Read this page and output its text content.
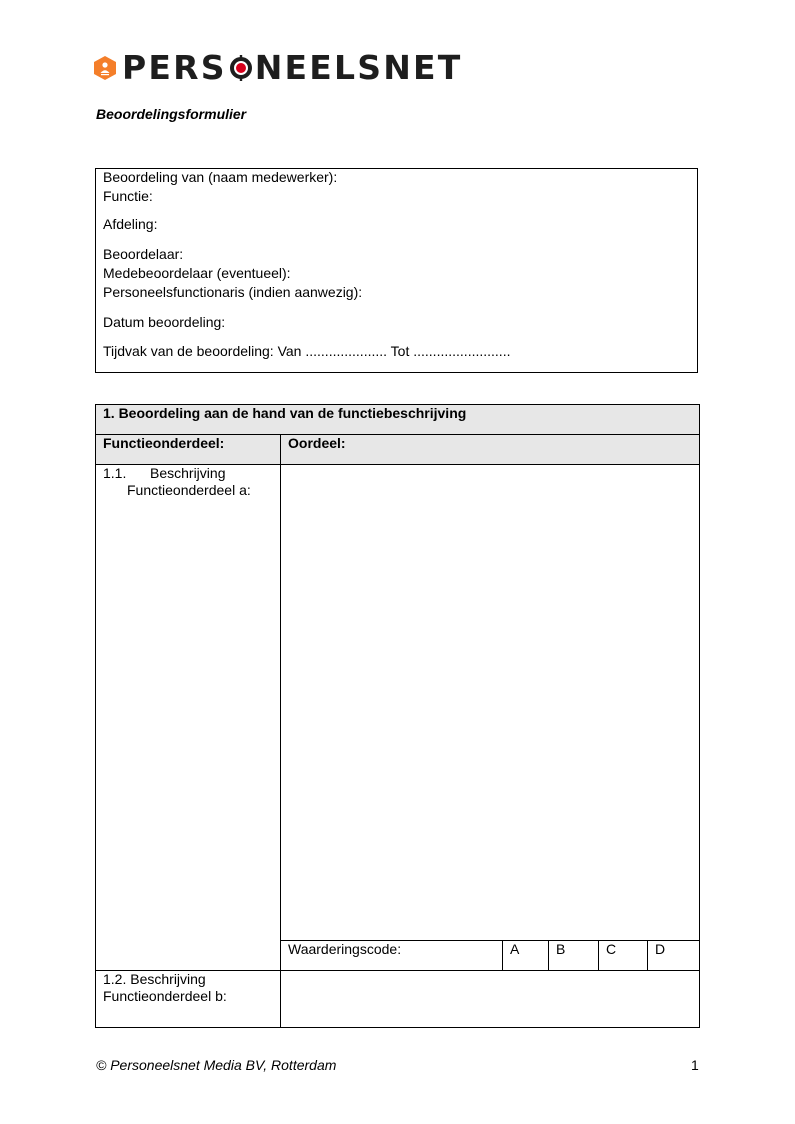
PERS NEELSNET
Beoordelingsformulier
Beoordeling van (naam medewerker):
Functie:
Afdeling:
Beoordelaar:
Medebeoordelaar (eventueel):
Personeelsfunctionaris (indien aanwezig):
Datum beoordeling:
Tijdvak van de beoordeling: Van ..................... Tot .........................
1. Beoordeling aan de hand van de functiebeschrijving
Functieonderdeel:	Oordeel:
1.1. Beschrijving
Functieonderdeel a:
Waarderingscode:	A	B	C	D
1.2. Beschrijving
Functieonderdeel b:
© Personeelsnet Media BV, Rotterdam	1
